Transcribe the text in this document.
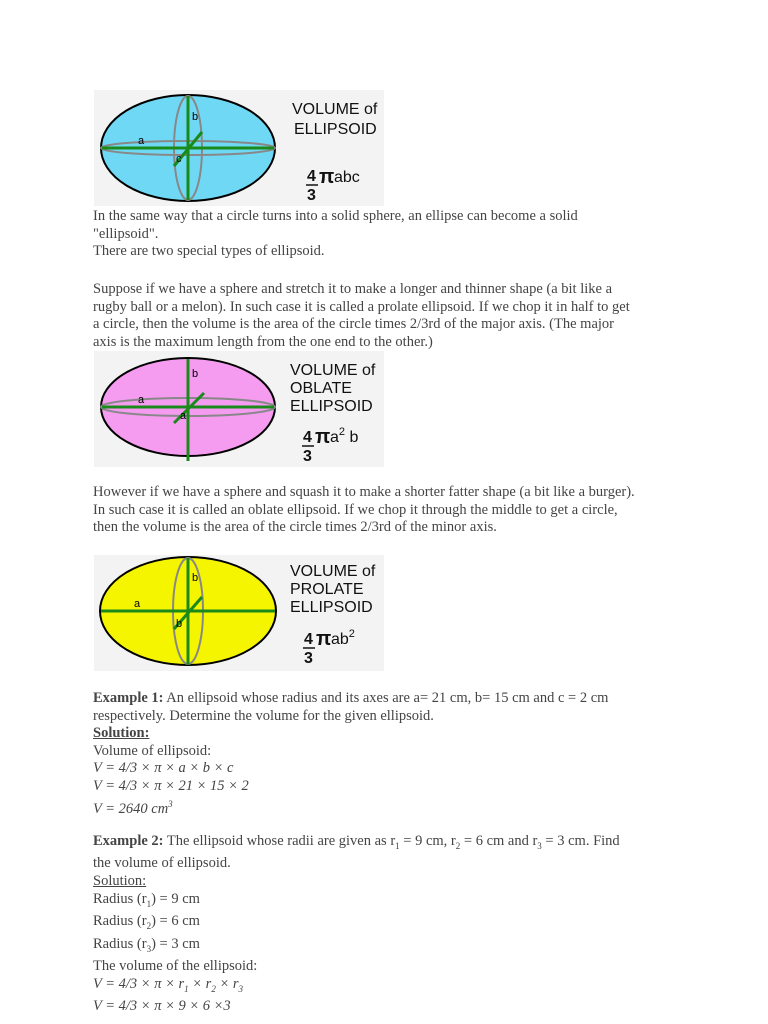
a
b
c
VOLUME of
ELLIPSOID
4
3
π abc

In the same way that a circle turns into a solid sphere, an ellipse can become a solid

"ellipsoid".

There are two special types of ellipsoid.

Suppose if we have a sphere and stretch it to make a longer and thinner shape (a bit like a

rugby ball or a melon). In such case it is called a prolate ellipsoid. If we chop it in half to get

a circle, then the volume is the area of the circle times 2/3rd of the major axis. (The major

axis is the maximum length from the one end to the other.)

a
b
a
VOLUME of
OBLATE
ELLIPSOID
4
3
π $a^2$ b

However if we have a sphere and squash it to make a shorter fatter shape (a bit like a burger).

In such case it is called an oblate ellipsoid. If we chop it through the middle to get a circle,

then the volume is the area of the circle times 2/3rd of the minor axis.

a
b
b
VOLUME of
PROLATE
ELLIPSOID
4
3
π $ab^2$

Example 1: An ellipsoid whose radius and its axes are a= 21 cm, b= 15 cm and c = 2 cm

respectively. Determine the volume for the given ellipsoid.

Solution:

Volume of ellipsoid:

V = 4/3 × π × a × b × c

V = 4/3 × π × 21 × 15 × 2

V = 2640 $cm^3$

Example 2: The ellipsoid whose radii are given as $r_1 = 9$ cm, $r_2 = 6$ cm and $r_3 = 3$ cm. Find

the volume of ellipsoid.

Solution:

Radius $(r_1) = 9$ cm

Radius $(r_2) = 6$ cm

Radius $(r_3) = 3$ cm

The volume of the ellipsoid:

$V = 4/3 \times \pi \times r_1 \times r_2 \times r_3$

V = 4/3 × π × 9 × 6 ×3
